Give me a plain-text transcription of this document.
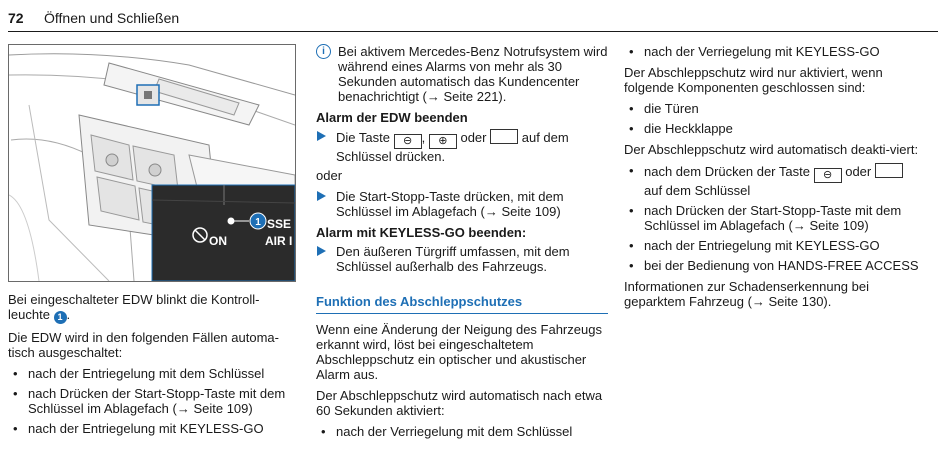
72 Öffnen und Schließen
1
ON
SSE
AIR I

Bei eingeschalteter EDW blinkt die Kontroll-leuchte 1 .

Die EDW wird in den folgenden Fällen automa-tisch ausgeschaltet:

• nach der Entriegelung mit dem Schlüssel
• nach Drücken der Start-Stopp-Taste mit dem Schlüssel im Ablagefach (→ Seite 109)
• nach der Entriegelung mit KEYLESS-GO
i	Bei aktivem Mercedes-Benz Notrufsystem wird während eines Alarms von mehr als 30 Sekunden automatisch das Kundencenter benachrichtigt (→ Seite 221).
Alarm der EDW beenden
Die Taste ⊖ , ⊕ oder	auf dem Schlüssel drücken.
oder
Die Start-Stopp-Taste drücken, mit dem Schlüssel im Ablagefach (→ Seite 109)
Alarm mit KEYLESS-GO beenden:
Den äußeren Türgriff umfassen, mit dem Schlüssel außerhalb des Fahrzeugs.
Funktion des Abschleppschutzes

Wenn eine Änderung der Neigung des Fahrzeugs erkannt wird, löst bei eingeschaltetem Abschleppschutz ein optischer und akustischer Alarm aus.

Der Abschleppschutz wird automatisch nach etwa 60 Sekunden aktiviert:

• nach der Verriegelung mit dem Schlüssel
• nach der Verriegelung mit KEYLESS-GO

Der Abschleppschutz wird nur aktiviert, wenn folgende Komponenten geschlossen sind:

• die Türen
• die Heckklappe

Der Abschleppschutz wird automatisch deakti-viert:

• nach dem Drücken der Taste ⊖ oder  auf dem Schlüssel
• nach Drücken der Start-Stopp-Taste mit dem Schlüssel im Ablagefach (→ Seite 109)
• nach der Entriegelung mit KEYLESS-GO
• bei der Bedienung von HANDS-FREE ACCESS

Informationen zur Schadenserkennung bei geparktem Fahrzeug (→ Seite 130).
